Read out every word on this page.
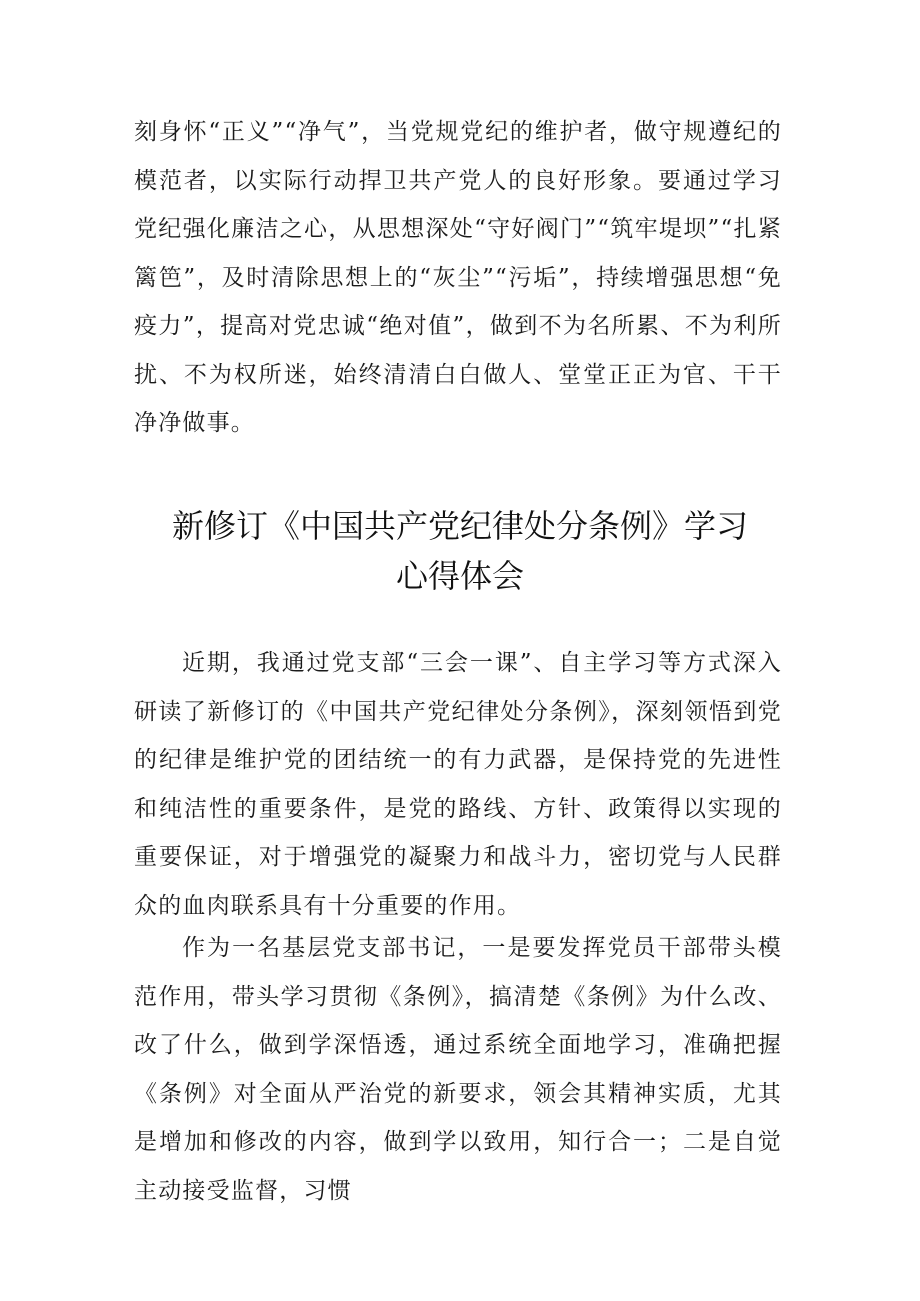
刻身怀“正义”“净气”，当党规党纪的维护者，做守规遵纪的模范者，以实际行动捍卫共产党人的良好形象。要通过学习党纪强化廉洁之心，从思想深处“守好阀门”“筑牢堤坝”“扎紧篱笆”，及时清除思想上的“灰尘”“污垢”，持续增强思想“免疫力”，提高对党忠诚“绝对值”，做到不为名所累、不为利所扰、不为权所迷，始终清清白白做人、堂堂正正为官、干干净净做事。

新修订《中国共产党纪律处分条例》学习
心得体会

近期，我通过党支部“三会一课”、自主学习等方式深入研读了新修订的《中国共产党纪律处分条例》，深刻领悟到党的纪律是维护党的团结统一的有力武器，是保持党的先进性和纯洁性的重要条件，是党的路线、方针、政策得以实现的重要保证，对于增强党的凝聚力和战斗力，密切党与人民群众的血肉联系具有十分重要的作用。

作为一名基层党支部书记，一是要发挥党员干部带头模范作用，带头学习贯彻《条例》，搞清楚《条例》为什么改、改了什么，做到学深悟透，通过系统全面地学习，准确把握《条例》对全面从严治党的新要求，领会其精神实质，尤其是增加和修改的内容，做到学以致用，知行合一；二是自觉主动接受监督，习惯
